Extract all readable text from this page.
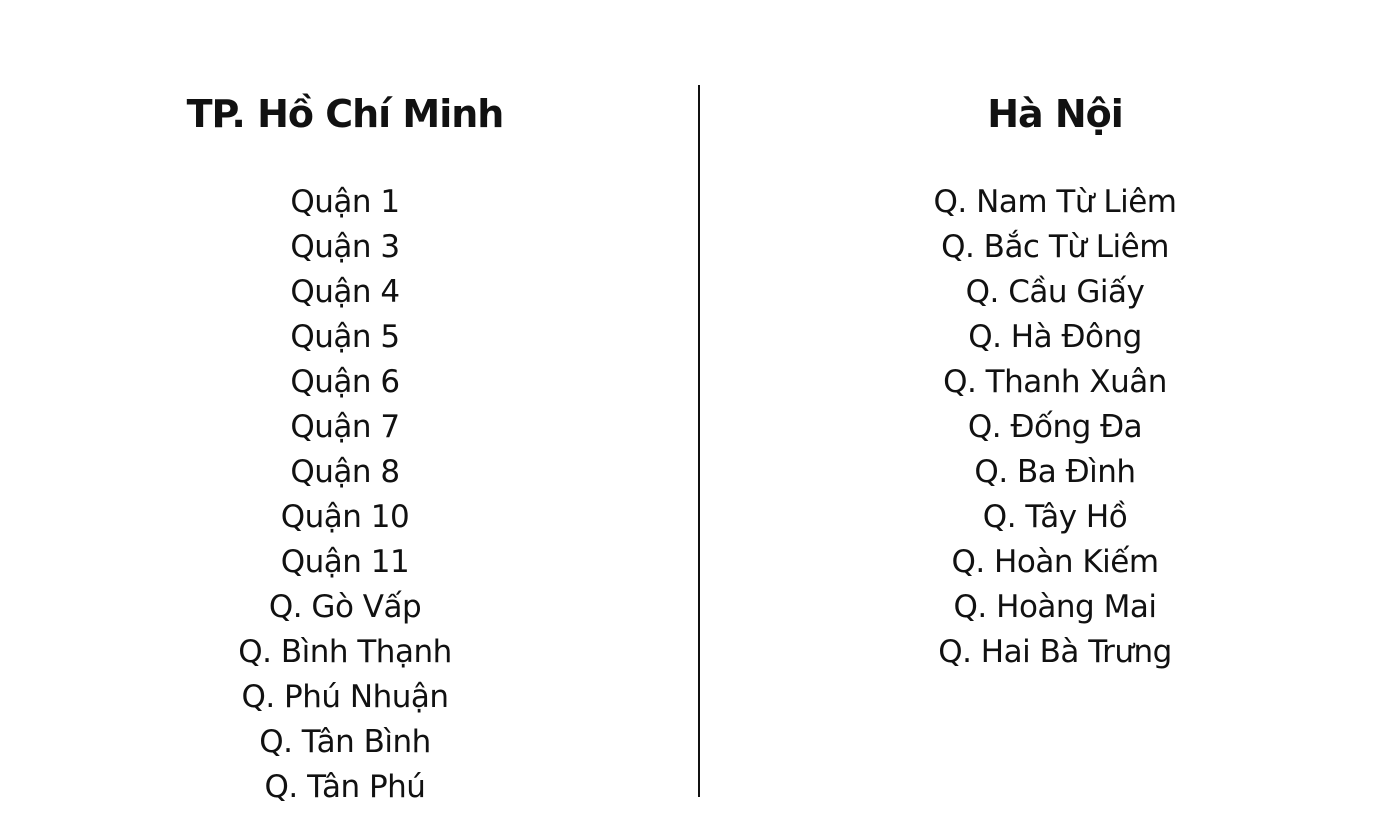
TP. Hồ Chí Minh
Quận 1
Quận 3
Quận 4
Quận 5
Quận 6
Quận 7
Quận 8
Quận 10
Quận 11
Q. Gò Vấp
Q. Bình Thạnh
Q. Phú Nhuận
Q. Tân Bình
Q. Tân Phú
Hà Nội
Q. Nam Từ Liêm
Q. Bắc Từ Liêm
Q. Cầu Giấy
Q. Hà Đông
Q. Thanh Xuân
Q. Đống Đa
Q. Ba Đình
Q. Tây Hồ
Q. Hoàn Kiếm
Q. Hoàng Mai
Q. Hai Bà Trưng
